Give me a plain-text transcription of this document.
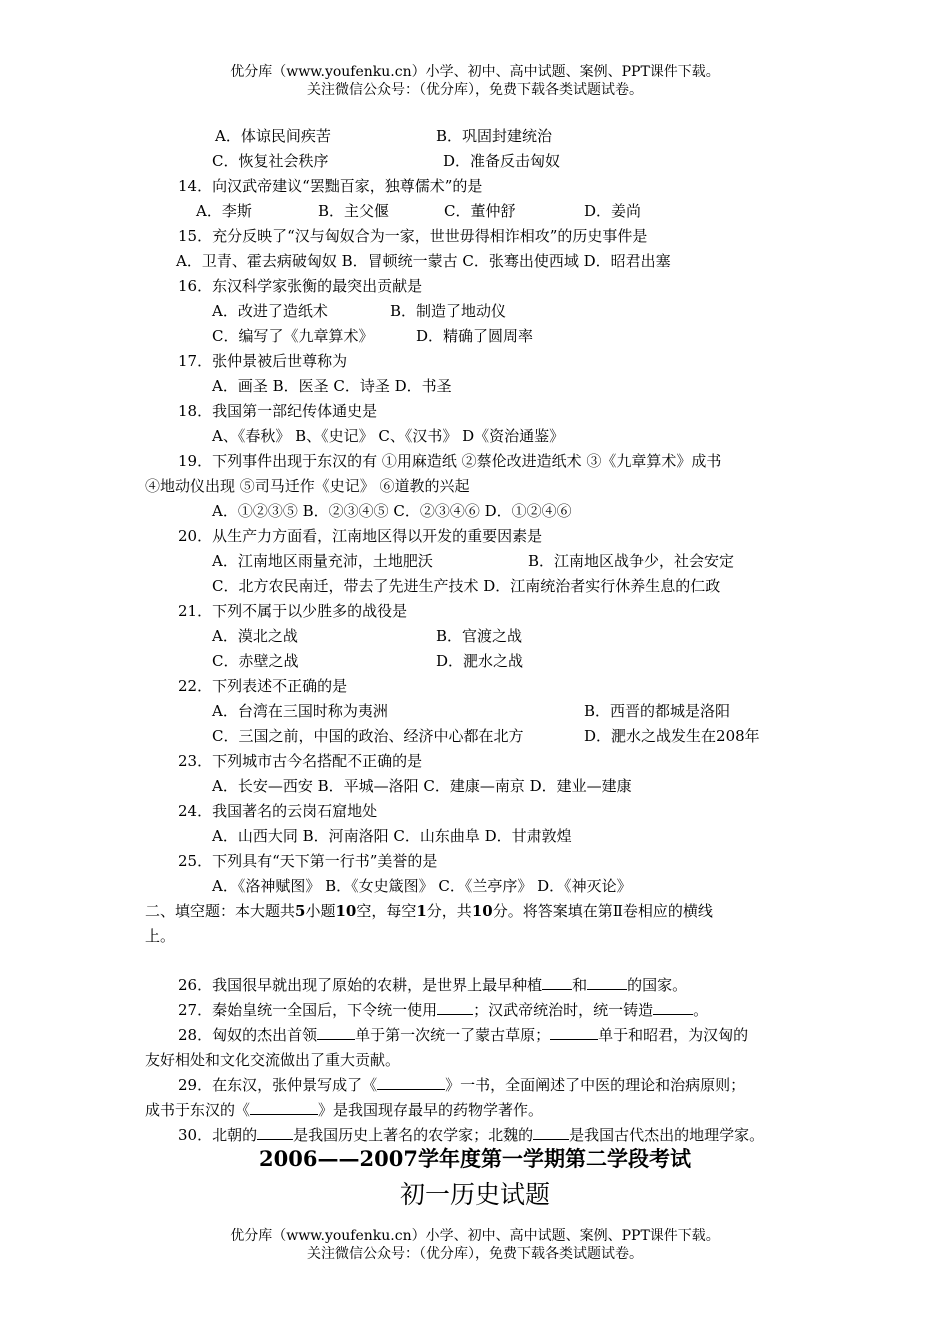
优分库（www.youfenku.cn）小学、初中、高中试题、案例、PPT课件下载。
关注微信公众号：（优分库），免费下载各类试题试卷。
A．体谅民间疾苦	B．巩固封建统治
C．恢复社会秩序	D．准备反击匈奴
14．向汉武帝建议“罢黜百家，独尊儒术”的是
A．李斯	B．主父偃	C．董仲舒	D．姜尚
15．充分反映了“汉与匈奴合为一家，世世毋得相诈相攻”的历史事件是
A．卫青、霍去病破匈奴 B．冒顿统一蒙古 C．张骞出使西域 D．昭君出塞
16．东汉科学家张衡的最突出贡献是
A．改进了造纸术	B．制造了地动仪
C．编写了《九章算术》	D．精确了圆周率
17．张仲景被后世尊称为
A．画圣 B．医圣 C．诗圣 D．书圣
18．我国第一部纪传体通史是
A、《春秋》 B、《史记》 C、《汉书》 D《资治通鉴》
19．下列事件出现于东汉的有 ①用麻造纸 ②蔡伦改进造纸术 ③《九章算术》成书
④地动仪出现 ⑤司马迁作《史记》 ⑥道教的兴起
A．①②③⑤ B．②③④⑤ C．②③④⑥ D．①②④⑥
20．从生产力方面看，江南地区得以开发的重要因素是
A．江南地区雨量充沛，土地肥沃	B．江南地区战争少，社会安定
C．北方农民南迁，带去了先进生产技术 D．江南统治者实行休养生息的仁政
21．下列不属于以少胜多的战役是
A．漠北之战	B．官渡之战
C．赤壁之战	D．淝水之战
22．下列表述不正确的是
A．台湾在三国时称为夷洲	B．西晋的都城是洛阳
C．三国之前，中国的政治、经济中心都在北方	D．淝水之战发生在208年
23．下列城市古今名搭配不正确的是
A．长安—西安 B．平城—洛阳 C．建康—南京 D．建业—建康
24．我国著名的云岗石窟地处
A．山西大同 B．河南洛阳 C．山东曲阜 D．甘肃敦煌
25．下列具有“天下第一行书”美誉的是
A．《洛神赋图》 B．《女史箴图》 C．《兰亭序》 D．《神灭论》
二、填空题：本大题共5小题10空，每空1分，共10分。将答案填在第Ⅱ卷相应的横线
上。
26．我国很早就出现了原始的农耕，是世界上最早种植 和	的国家。
27．秦始皇统一全国后，下令统一使用 ；汉武帝统治时，统一铸造	。
28．匈奴的杰出首领	单于第一次统一了蒙古草原；	单于和昭君，为汉匈的
友好相处和文化交流做出了重大贡献。
29．在东汉，张仲景写成了《	》一书，全面阐述了中医的理论和治病原则；
成书于东汉的《	》是我国现存最早的药物学著作。
30．北朝的 是我国历史上著名的农学家；北魏的 是我国古代杰出的地理学家。
2006——2007学年度第一学期第二学段考试
初一历史试题
优分库（www.youfenku.cn）小学、初中、高中试题、案例、PPT课件下载。
关注微信公众号：（优分库），免费下载各类试题试卷。
